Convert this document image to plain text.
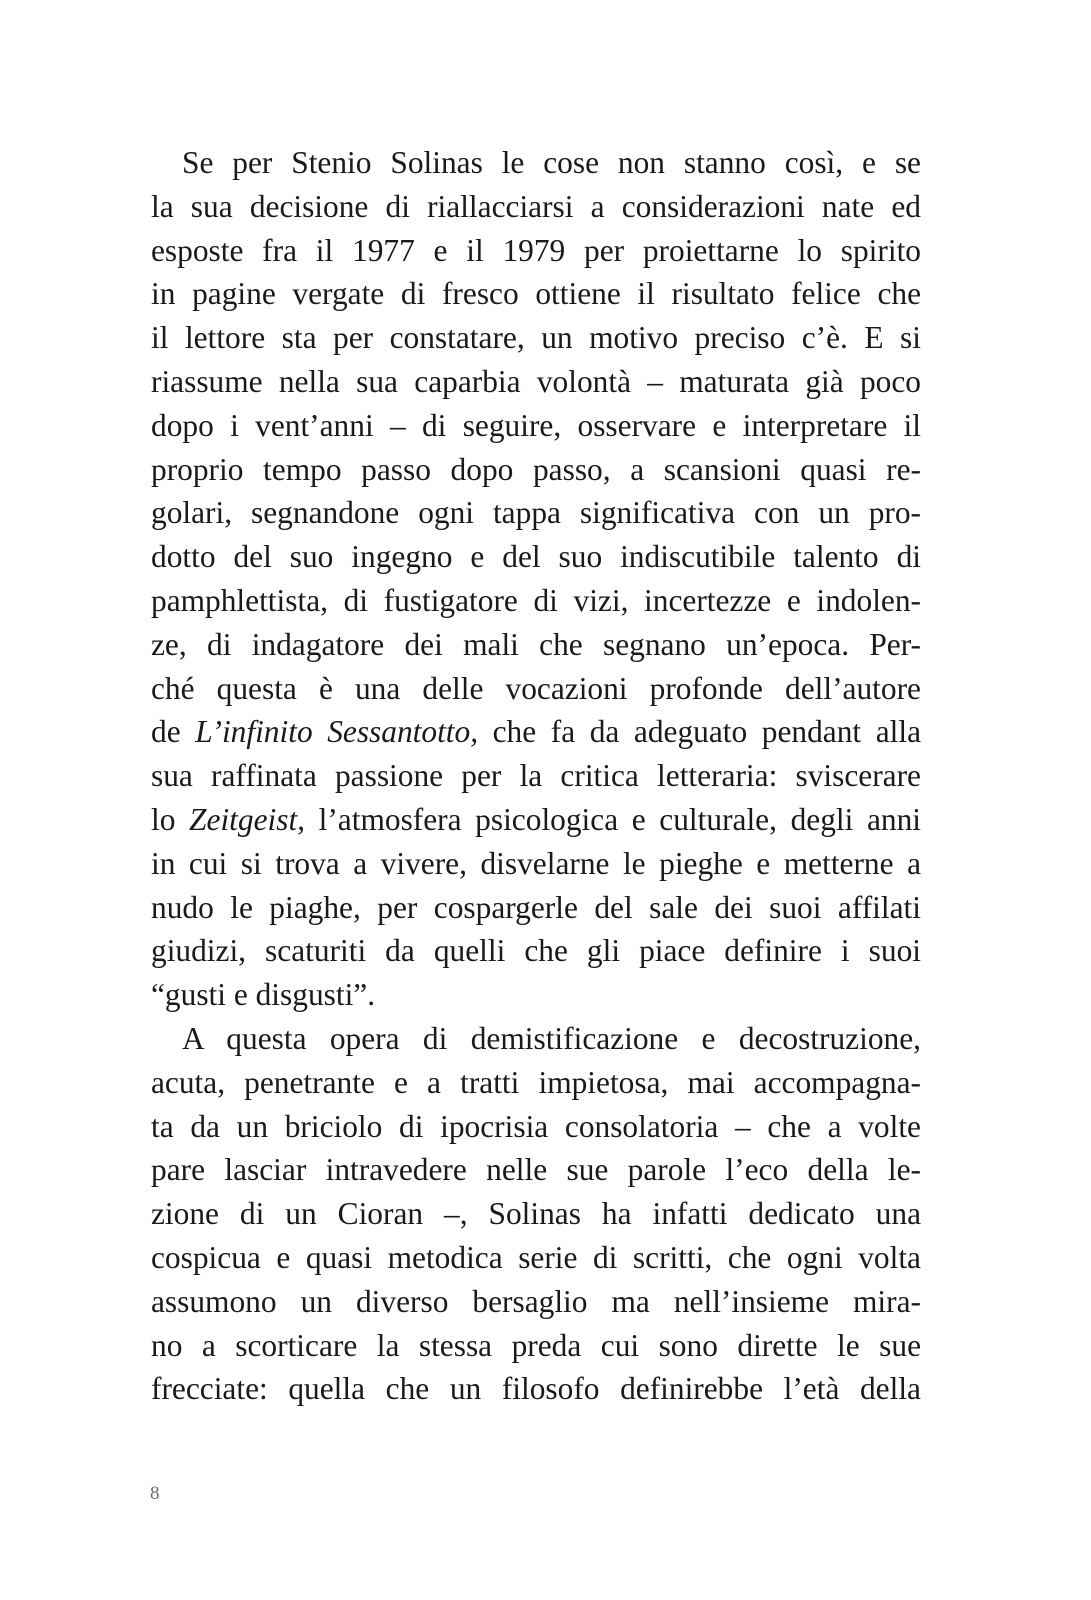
Se per Stenio Solinas le cose non stanno così, e se
la sua decisione di riallacciarsi a considerazioni nate ed
esposte fra il 1977 e il 1979 per proiettarne lo spirito
in pagine vergate di fresco ottiene il risultato felice che
il lettore sta per constatare, un motivo preciso c’è. E si
riassume nella sua caparbia volontà – maturata già poco
dopo i vent’anni – di seguire, osservare e interpretare il
proprio tempo passo dopo passo, a scansioni quasi re-
golari, segnandone ogni tappa significativa con un pro-
dotto del suo ingegno e del suo indiscutibile talento di
pamphlettista, di fustigatore di vizi, incertezze e indolen-
ze, di indagatore dei mali che segnano un’epoca. Per-
ché questa è una delle vocazioni profonde dell’autore
de L’infinito Sessantotto, che fa da adeguato pendant alla
sua raffinata passione per la critica letteraria: sviscerare
lo Zeitgeist, l’atmosfera psicologica e culturale, degli anni
in cui si trova a vivere, disvelarne le pieghe e metterne a
nudo le piaghe, per cospargerle del sale dei suoi affilati
giudizi, scaturiti da quelli che gli piace definire i suoi
“gusti e disgusti”.
A questa opera di demistificazione e decostruzione,
acuta, penetrante e a tratti impietosa, mai accompagna-
ta da un briciolo di ipocrisia consolatoria – che a volte
pare lasciar intravedere nelle sue parole l’eco della le-
zione di un Cioran –, Solinas ha infatti dedicato una
cospicua e quasi metodica serie di scritti, che ogni volta
assumono un diverso bersaglio ma nell’insieme mira-
no a scorticare la stessa preda cui sono dirette le sue
frecciate: quella che un filosofo definirebbe l’età della
8
